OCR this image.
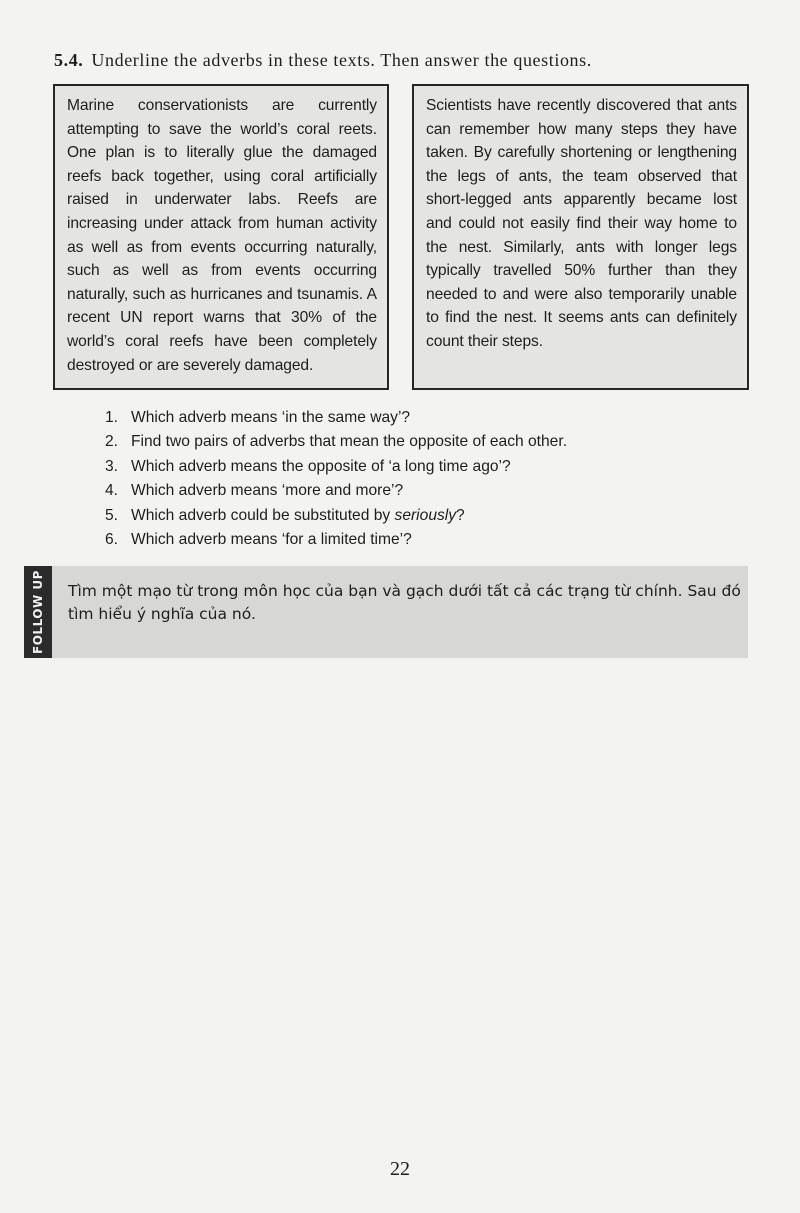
5.4. Underline the adverbs in these texts. Then answer the questions.
Marine conservationists are currently attempting to save the world’s coral reets. One plan is to literally glue the damaged reefs back together, using coral artificially raised in underwater labs. Reefs are increasing under attack from human activity as well as from events occurring naturally, such as well as from events occurring naturally, such as hurricanes and tsunamis. A recent UN report warns that 30% of the world’s coral reefs have been completely destroyed or are severely damaged.
Scientists have recently discovered that ants can remember how many steps they have taken. By carefully shortening or lengthening the legs of ants, the team observed that short-legged ants apparently became lost and could not easily find their way home to the nest. Similarly, ants with longer legs typically travelled 50% further than they needed to and were also temporarily unable to find the nest. It seems ants can definitely count their steps.
1. Which adverb means ‘in the same way’?
2. Find two pairs of adverbs that mean the opposite of each other.
3. Which adverb means the opposite of ‘a long time ago’?
4. Which adverb means ‘more and more’?
5. Which adverb could be substituted by seriously?
6. Which adverb means ‘for a limited time’?
FOLLOW UP Tìm một mạo từ trong môn học của bạn và gạch dưới tất cả các trạng từ chính. Sau đó tìm hiểu ý nghĩa của nó.
22
